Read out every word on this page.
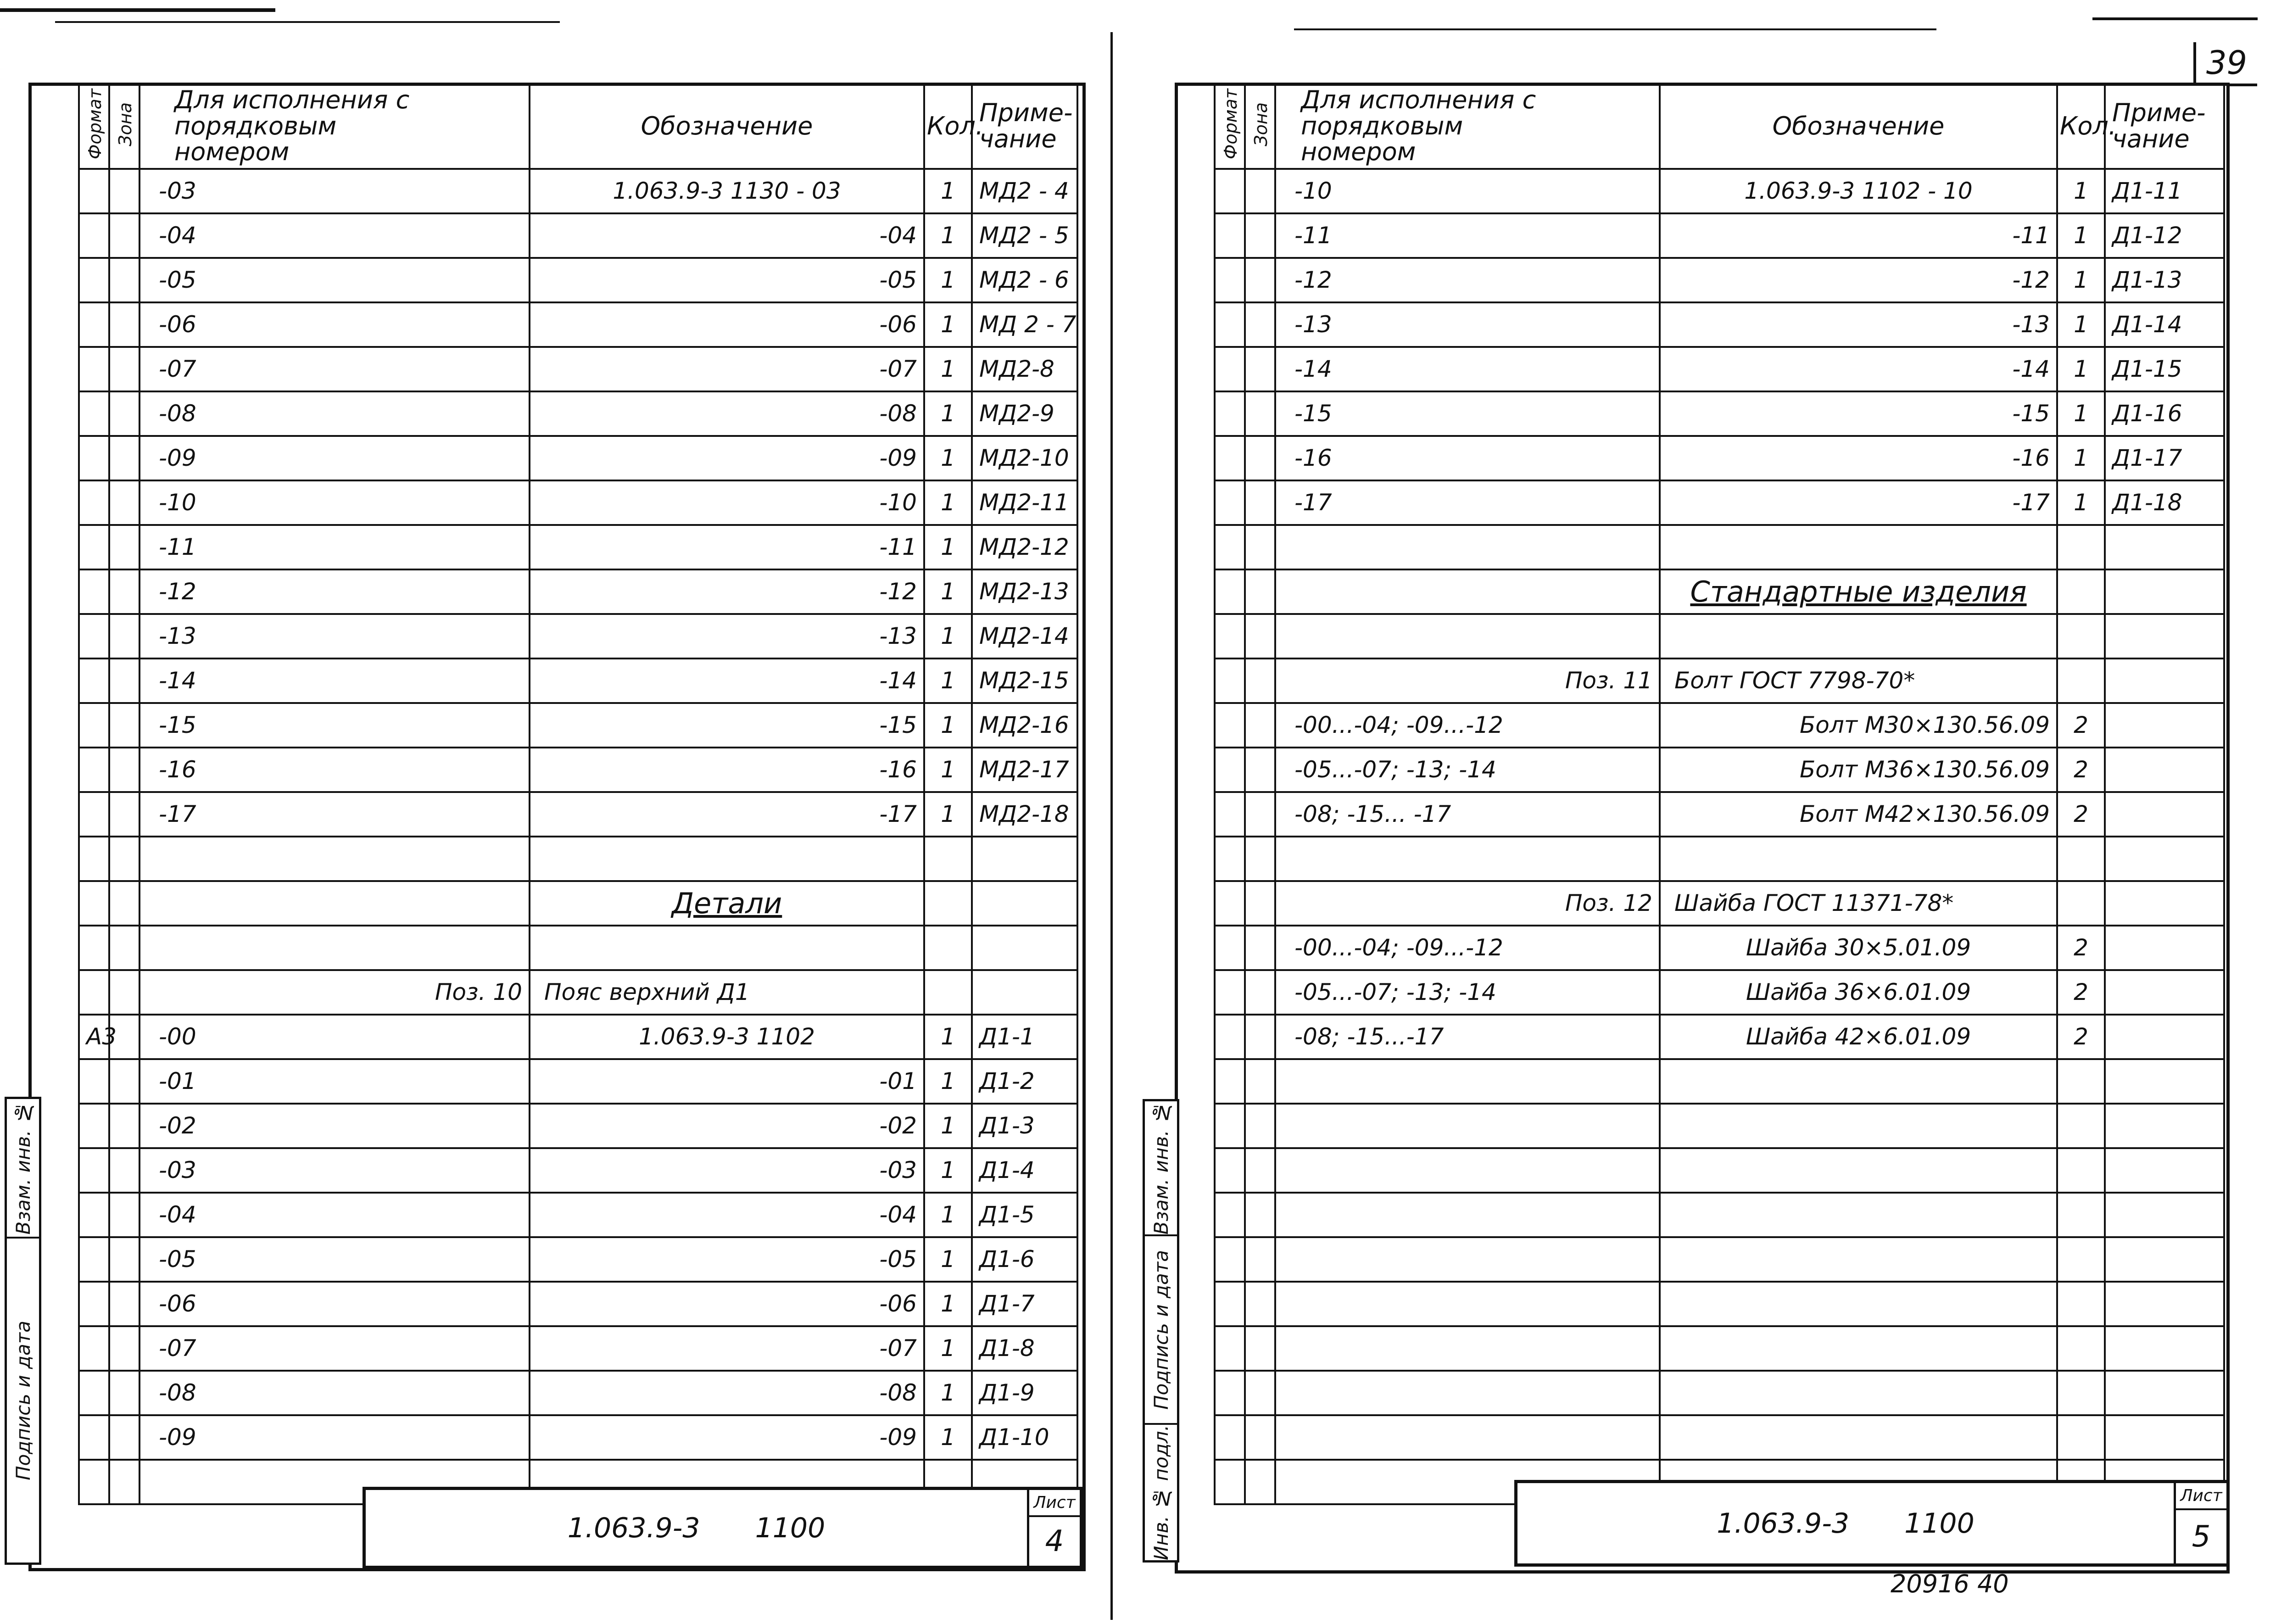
Взам. инв. №
Подпись и дата
Формат	Зона	Для исполнения с порядковым номером	Обозначение	Кол.	Приме- чание

		-03	1.063.9-3 1130 - 03	1	МД2 - 4
		-04	-04	1	МД2 - 5
		-05	-05	1	МД2 - 6
		-06	-06	1	МД 2 - 7
		-07	-07	1	МД2-8
		-08	-08	1	МД2-9
		-09	-09	1	МД2-10
		-10	-10	1	МД2-11
		-11	-11	1	МД2-12
		-12	-12	1	МД2-13
		-13	-13	1	МД2-14
		-14	-14	1	МД2-15
		-15	-15	1	МД2-16
		-16	-16	1	МД2-17
		-17	-17	1	МД2-18

			Детали		

		Поз. 10	Пояс верхний Д1		
А3		-00	1.063.9-3 1102	1	Д1-1
		-01	-01	1	Д1-2
		-02	-02	1	Д1-3
		-03	-03	1	Д1-4
		-04	-04	1	Д1-5
		-05	-05	1	Д1-6
		-06	-06	1	Д1-7
		-07	-07	1	Д1-8
		-08	-08	1	Д1-9
		-09	-09	1	Д1-10

1.063.9-3 1100
Лист
4
39
Взам. инв. №
Подпись и дата
Инв. № подл.
Формат	Зона	Для исполнения с порядковым номером	Обозначение	Кол.	Приме- чание

		-10	1.063.9-3 1102 - 10	1	Д1-11
		-11	-11	1	Д1-12
		-12	-12	1	Д1-13
		-13	-13	1	Д1-14
		-14	-14	1	Д1-15
		-15	-15	1	Д1-16
		-16	-16	1	Д1-17
		-17	-17	1	Д1-18

			Стандартные изделия		

		Поз. 11	Болт ГОСТ 7798-70*		
		-00...-04; -09...-12	Болт М30×130.56.09	2	
		-05...-07; -13; -14	Болт М36×130.56.09	2	
		-08; -15... -17	Болт М42×130.56.09	2	

		Поз. 12	Шайба ГОСТ 11371-78*		
		-00...-04; -09...-12	Шайба 30×5.01.09	2	
		-05...-07; -13; -14	Шайба 36×6.01.09	2	
		-08; -15...-17	Шайба 42×6.01.09	2	

1.063.9-3 1100
Лист
5
20916 40
